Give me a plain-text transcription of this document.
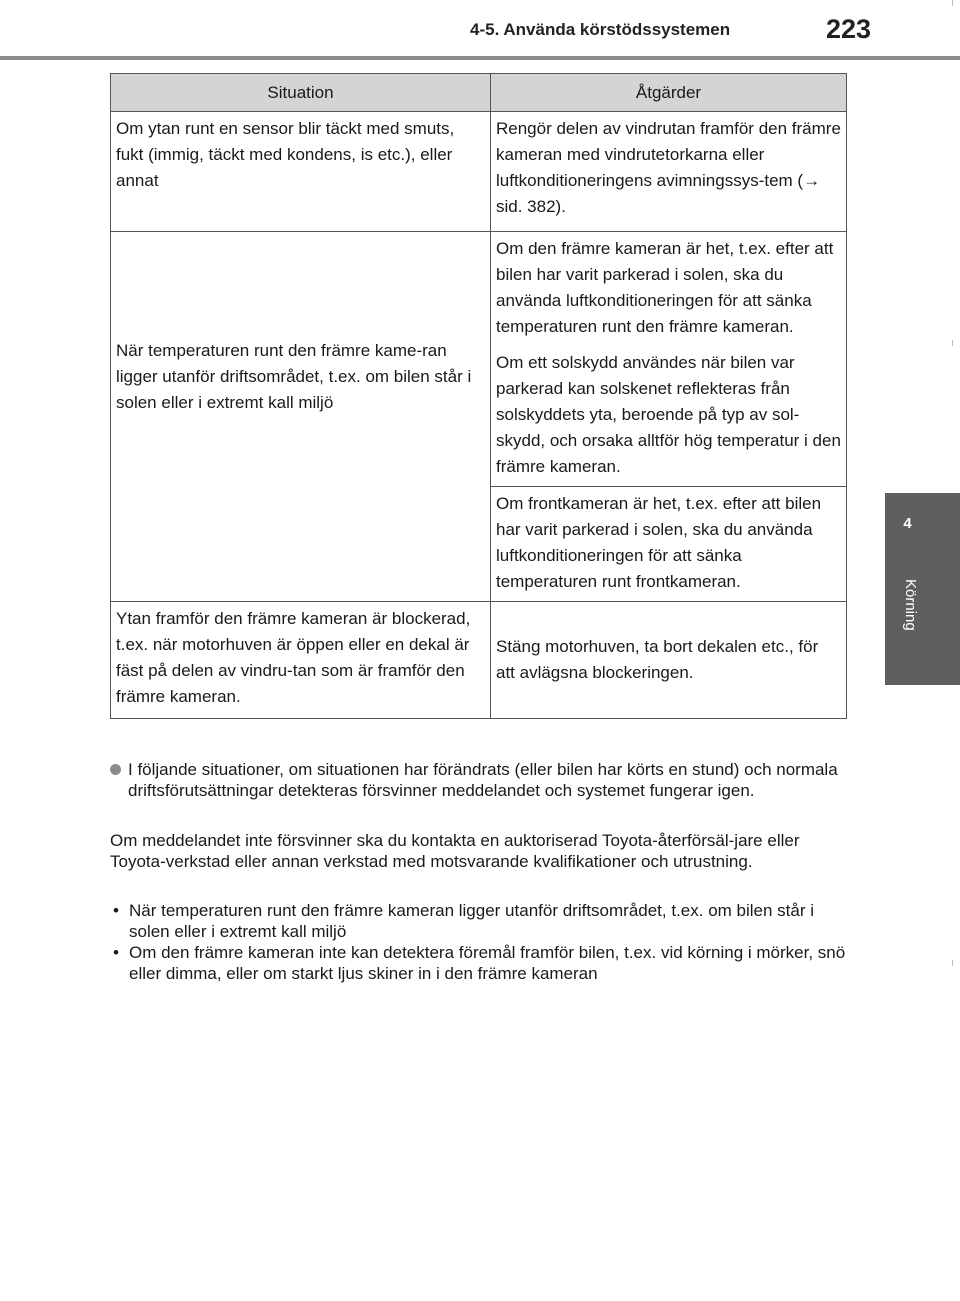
4-5. Använda körstödssystemen	223
4
Körning
Situation	Åtgärder

Om ytan runt en sensor blir täckt med smuts, fukt (immig, täckt med kondens, is etc.), eller annat	Rengör delen av vindrutan framför den främre kameran med vindrutetorkarna eller luftkonditioneringens avimningssys-tem (→ sid. 382).

När temperaturen runt den främre kame-ran ligger utanför driftsområdet, t.ex. om bilen står i solen eller i extremt kall miljö	Om den främre kameran är het, t.ex. efter att bilen har varit parkerad i solen, ska du använda luftkonditioneringen för att sänka temperaturen runt den främre kameran.

Om ett solskydd användes när bilen var parkerad kan solskenet reflekteras från solskyddets yta, beroende på typ av sol-skydd, och orsaka alltför hög temperatur i den främre kameran.

	Om frontkameran är het, t.ex. efter att bilen har varit parkerad i solen, ska du använda luftkonditioneringen för att sänka temperaturen runt frontkameran.

Ytan framför den främre kameran är blockerad, t.ex. när motorhuven är öppen eller en dekal är fäst på delen av vindru-tan som är framför den främre kameran.	Stäng motorhuven, ta bort dekalen etc., för att avlägsna blockeringen.

I följande situationer, om situationen har förändrats (eller bilen har körts en stund) och normala driftsförutsättningar detekteras försvinner meddelandet och systemet fungerar igen.
Om meddelandet inte försvinner ska du kontakta en auktoriserad Toyota-återförsäl-jare eller Toyota-verkstad eller annan verkstad med motsvarande kvalifikationer och utrustning.
• När temperaturen runt den främre kameran ligger utanför driftsområdet, t.ex. om bilen står i solen eller i extremt kall miljö
• Om den främre kameran inte kan detektera föremål framför bilen, t.ex. vid körning i mörker, snö eller dimma, eller om starkt ljus skiner in i den främre kameran
